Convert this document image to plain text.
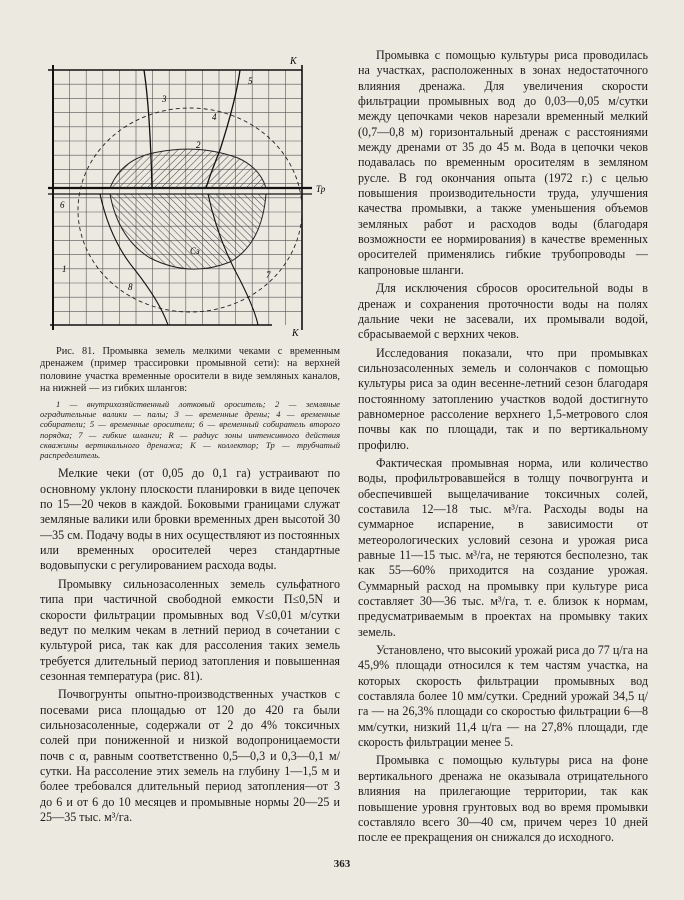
К
Тр
Сз
К
1
2
3
4
5
6
7
8

Рис. 81. Промывка земель мелкими чеками с временным дренажем (пример трассировки промывной сети): на верхней половине участка временные оросители в виде земляных каналов, на нижней — из гибких шлангов:

1 — внутрихозяйственный лотковый ороситель; 2 — земляные оградительные валики — палы; 3 — временные дрены; 4 — временные собиратели; 5 — временные оросители; 6 — временный собиратель второго порядка; 7 — гибкие шланги; R — радиус зоны интенсивного действия скважины вертикального дренажа; К — коллектор; Тр — трубчатый распределитель.

Мелкие чеки (от 0,05 до 0,1 га) устраивают по основному уклону плоскости планировки в виде цепочек по 15—20 чеков в каждой. Боковыми границами служат земляные валики или бровки временных дрен высотой 30—35 см. Подачу воды в них осуществляют из постоянных или временных оросителей через стандартные водовыпуски с регулированием расхода воды.

Промывку сильнозасоленных земель сульфатного типа при частичной свободной емкости П≤0,5N и скорости фильтрации промывных вод V≤0,01 м/сутки ведут по мелким чекам в летний период в сочетании с культурой риса, так как для рассоления таких земель требуется длительный период затопления и повышенная сезонная температура (рис. 81).

Почвогрунты опытно-производственных участков с посевами риса площадью от 120 до 420 га были сильнозасоленные, содержали от 2 до 4% токсичных солей при пониженной и низкой водопроницаемости почв с α, равным соответственно 0,5—0,3 и 0,3—0,1 м/сутки. На рассоление этих земель на глубину 1—1,5 м и более требовался длительный период затопления—от 3 до 6 и от 6 до 10 месяцев и промывные нормы 20—25 и 25—35 тыс. м³/га.

Промывка с помощью культуры риса проводилась на участках, расположенных в зонах недостаточного влияния дренажа. Для увеличения скорости фильтрации промывных вод до 0,03—0,05 м/сутки между цепочками чеков нарезали временный мелкий (0,7—0,8 м) горизонтальный дренаж с расстояниями между дренами от 35 до 45 м. Вода в цепочки чеков подавалась по временным оросителям в земляном русле. В год окончания опыта (1972 г.) с целью повышения производительности труда, улучшения качества промывки, а также уменьшения объемов земляных работ и расходов воды (благодаря возможности ее нормирования) в качестве временных оросителей применялись гибкие трубопроводы — капроновые шланги.

Для исключения сбросов оросительной воды в дренаж и сохранения проточности воды на полях дальние чеки не засевали, их промывали водой, сбрасываемой с верхних чеков.

Исследования показали, что при промывках сильнозасоленных земель и солончаков с помощью культуры риса за один весенне-летний сезон благодаря постоянному затоплению участков водой достигнуто равномерное рассоление верхнего 1,5-метрового слоя почвы как по площади, так и по вертикальному профилю.

Фактическая промывная норма, или количество воды, профильтровавшейся в толщу почвогрунта и обеспечившей выщелачивание токсичных солей, составила 12—18 тыс. м³/га. Расходы воды на суммарное испарение, в зависимости от метеорологических условий сезона и урожая риса равные 11—15 тыс. м³/га, не теряются бесполезно, так как 55—60% приходится на создание урожая. Суммарный расход на промывку при культуре риса составляет 30—36 тыс. м³/га, т. е. близок к нормам, предусматриваемым в проектах на промывку таких земель.

Установлено, что высокий урожай риса до 77 ц/га на 45,9% площади относился к тем частям участка, на которых скорость фильтрации промывных вод составляла более 10 мм/сутки. Средний урожай 34,5 ц/га — на 26,3% площади со скоростью фильтрации 6—8 мм/сутки, низкий 11,4 ц/га — на 27,8% площади, где скорость фильтрации менее 5.

Промывка с помощью культуры риса на фоне вертикального дренажа не оказывала отрицательного влияния на прилегающие территории, так как повышение уровня грунтовых вод во время промывки составляло всего 30—40 см, причем через 10 дней после ее прекращения он снижался до исходного.

363
